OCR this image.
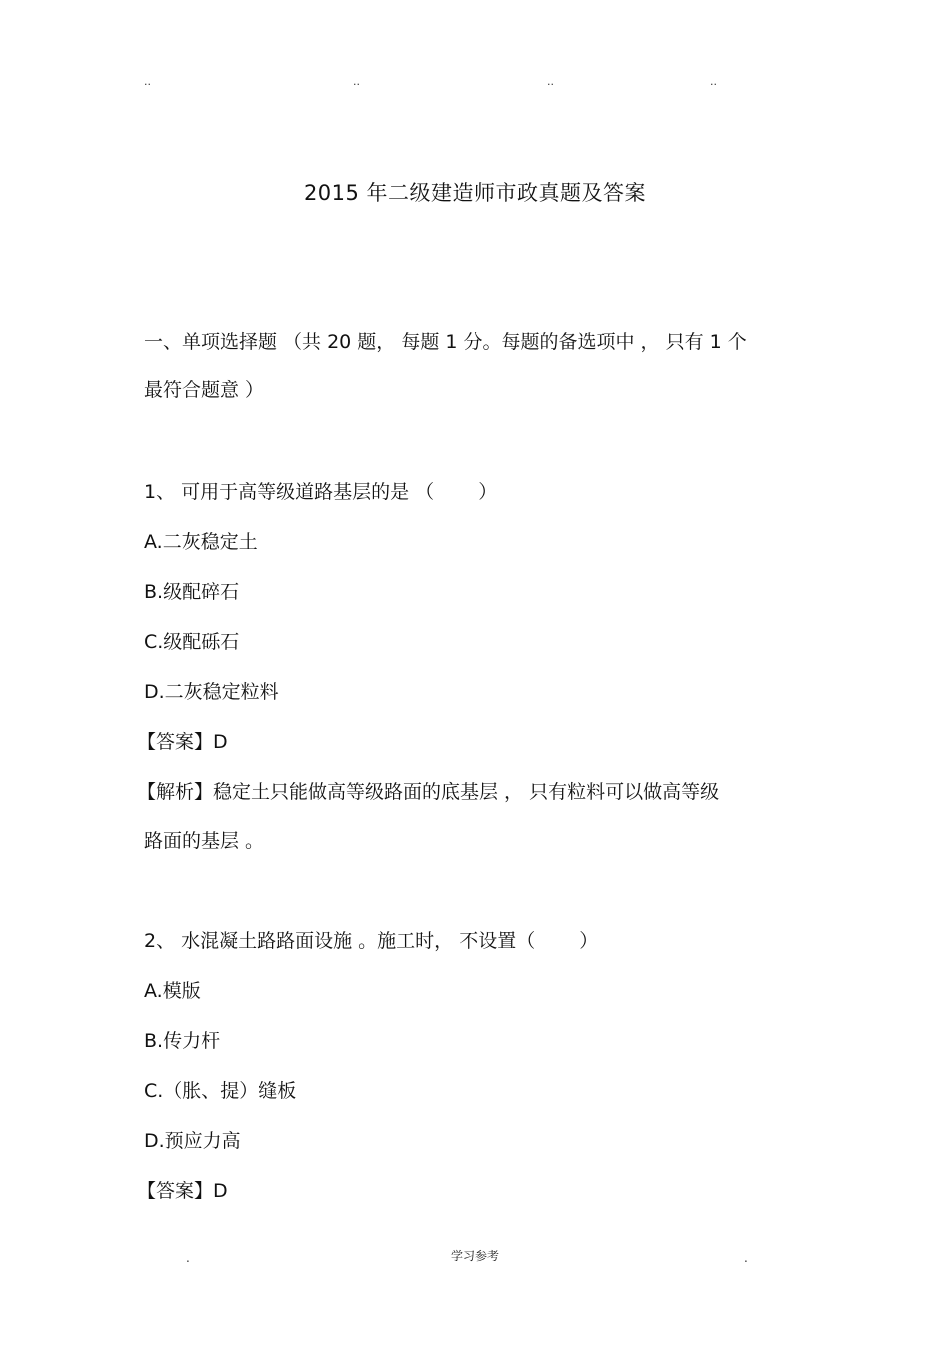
..	..	..	..
2015 年二级建造师市政真题及答案
一、单项选择题 （共 20 题， 每题 1 分。每题的备选项中 ， 只有 1 个
最符合题意 ）
1、 可用于高等级道路基层的是 （　　 ）
A.二灰稳定土
B.级配碎石
C.级配砾石
D.二灰稳定粒料
【答案】D
【解析】稳定土只能做高等级路面的底基层 ， 只有粒料可以做高等级
路面的基层 。
2、 水混凝土路路面设施 。施工时， 不设置（　　 ）
A.模版
B.传力杆
C.（胀、提）缝板
D.预应力高
【答案】D
.	学习参考	.
